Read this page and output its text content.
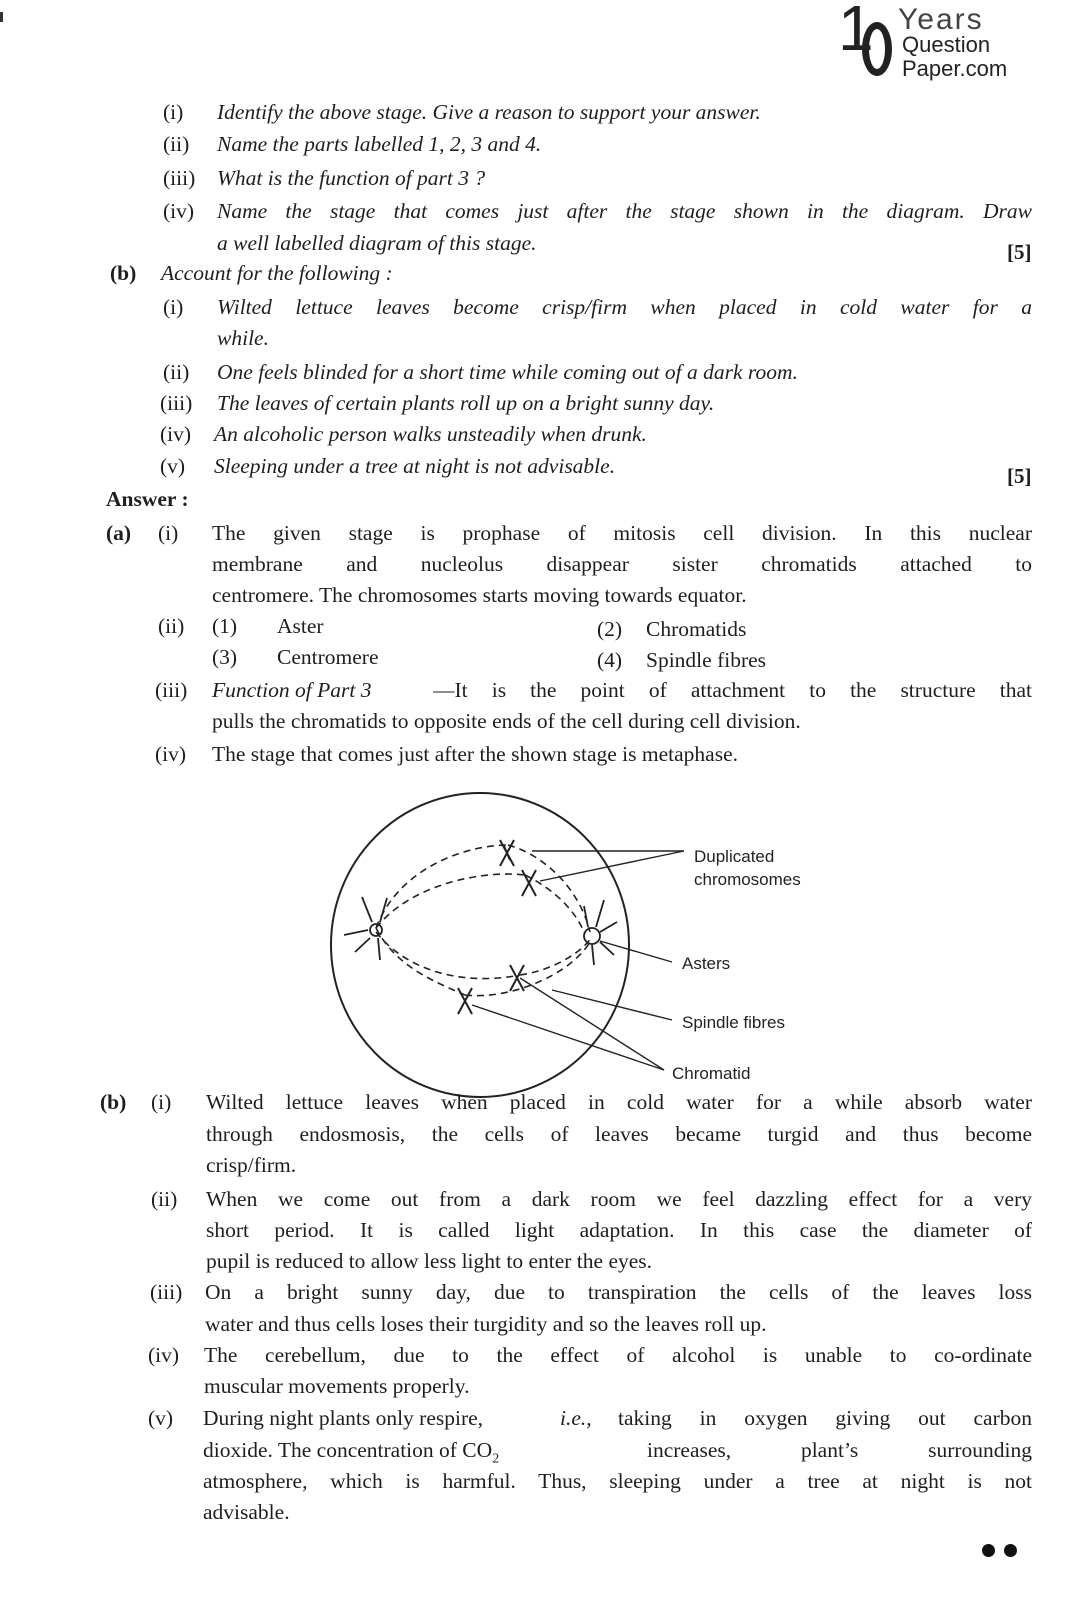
1 Years
Question
Paper.com
(i) Identify the above stage. Give a reason to support your answer.
(ii) Name the parts labelled 1, 2, 3 and 4.
(iii) What is the function of part 3 ?
(iv) Name the stage that comes just after the stage shown in the diagram. Draw
a well labelled diagram of this stage.	[5]
(b) Account for the following :
(i) Wilted lettuce leaves become crisp/firm when placed in cold water for a
while.
(ii) One feels blinded for a short time while coming out of a dark room.
(iii) The leaves of certain plants roll up on a bright sunny day.
(iv) An alcoholic person walks unsteadily when drunk.
(v) Sleeping under a tree at night is not advisable.	[5]
Answer :
(a) (i) The given stage is prophase of mitosis cell division. In this nuclear
membrane and nucleolus disappear sister chromatids attached to
centromere. The chromosomes starts moving towards equator.
(ii) (1) Aster	(2) Chromatids
(3) Centromere	(4) Spindle fibres
(iii) Function of Part 3	—It is the point of attachment to the structure that
pulls the chromatids to opposite ends of the cell during cell division.
(iv) The stage that comes just after the shown stage is metaphase.
Duplicated
chromosomes
Asters
Spindle fibres
Chromatid
(b) (i) Wilted lettuce leaves when placed in cold water for a while absorb water
through endosmosis, the cells of leaves became turgid and thus become
crisp/firm.
(ii) When we come out from a dark room we feel dazzling effect for a very
short period. It is called light adaptation. In this case the diameter of
pupil is reduced to allow less light to enter the eyes.
(iii) On a bright sunny day, due to transpiration the cells of the leaves loss
water and thus cells loses their turgidity and so the leaves roll up.
(iv) The cerebellum, due to the effect of alcohol is unable to co-ordinate
muscular movements properly.
(v) During night plants only respire,	i.e., taking in oxygen giving out carbon
dioxide. The concentration of $CO_2$	increases, plant’s surrounding
atmosphere, which is harmful. Thus, sleeping under a tree at night is not
advisable.
